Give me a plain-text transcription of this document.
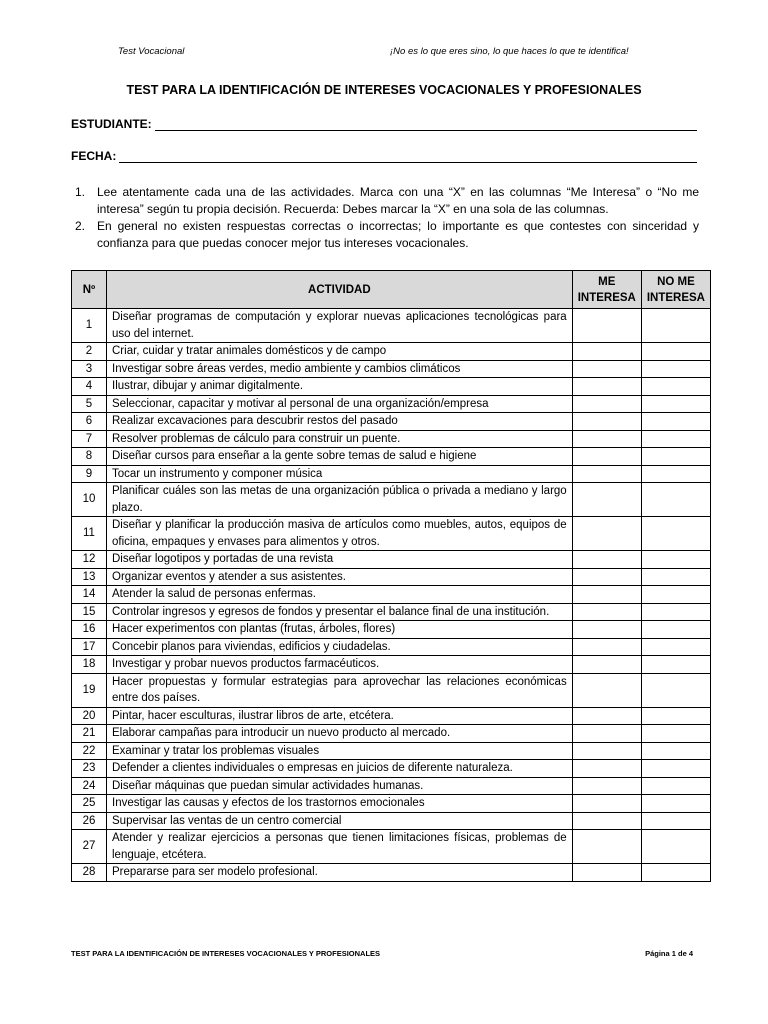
Test Vocacional	¡No es lo que eres sino, lo que haces lo que te identifica!
TEST PARA LA IDENTIFICACIÓN DE INTERESES VOCACIONALES Y PROFESIONALES
ESTUDIANTE:
FECHA:
1. Lee atentamente cada una de las actividades. Marca con una “X” en las columnas “Me Interesa” o “No me interesa” según tu propia decisión. Recuerda: Debes marcar la “X” en una sola de las columnas.
2. En general no existen respuestas correctas o incorrectas; lo importante es que contestes con sinceridad y confianza para que puedas conocer mejor tus intereses vocacionales.
Nº	ACTIVIDAD	ME INTERESA	NO ME INTERESA
1	Diseñar programas de computación y explorar nuevas aplicaciones tecnológicas para uso del internet.		
2	Criar, cuidar y tratar animales domésticos y de campo		
3	Investigar sobre áreas verdes, medio ambiente y cambios climáticos		
4	Ilustrar, dibujar y animar digitalmente.		
5	Seleccionar, capacitar y motivar al personal de una organización/empresa		
6	Realizar excavaciones para descubrir restos del pasado		
7	Resolver problemas de cálculo para construir un puente.		
8	Diseñar cursos para enseñar a la gente sobre temas de salud e higiene		
9	Tocar un instrumento y componer música		
10	Planificar cuáles son las metas de una organización pública o privada a mediano y largo plazo.		
11	Diseñar y planificar la producción masiva de artículos como muebles, autos, equipos de oficina, empaques y envases para alimentos y otros.		
12	Diseñar logotipos y portadas de una revista		
13	Organizar eventos y atender a sus asistentes.		
14	Atender la salud de personas enfermas.		
15	Controlar ingresos y egresos de fondos y presentar el balance final de una institución.		
16	Hacer experimentos con plantas (frutas, árboles, flores)		
17	Concebir planos para viviendas, edificios y ciudadelas.		
18	Investigar y probar nuevos productos farmacéuticos.		
19	Hacer propuestas y formular estrategias para aprovechar las relaciones económicas entre dos países.		
20	Pintar, hacer esculturas, ilustrar libros de arte, etcétera.		
21	Elaborar campañas para introducir un nuevo producto al mercado.		
22	Examinar y tratar los problemas visuales		
23	Defender a clientes individuales o empresas en juicios de diferente naturaleza.		
24	Diseñar máquinas que puedan simular actividades humanas.		
25	Investigar las causas y efectos de los trastornos emocionales		
26	Supervisar las ventas de un centro comercial		
27	Atender y realizar ejercicios a personas que tienen limitaciones físicas, problemas de lenguaje, etcétera.		
28	Prepararse para ser modelo profesional.		
TEST PARA LA IDENTIFICACIÓN DE INTERESES VOCACIONALES Y PROFESIONALES	Página 1 de 4
